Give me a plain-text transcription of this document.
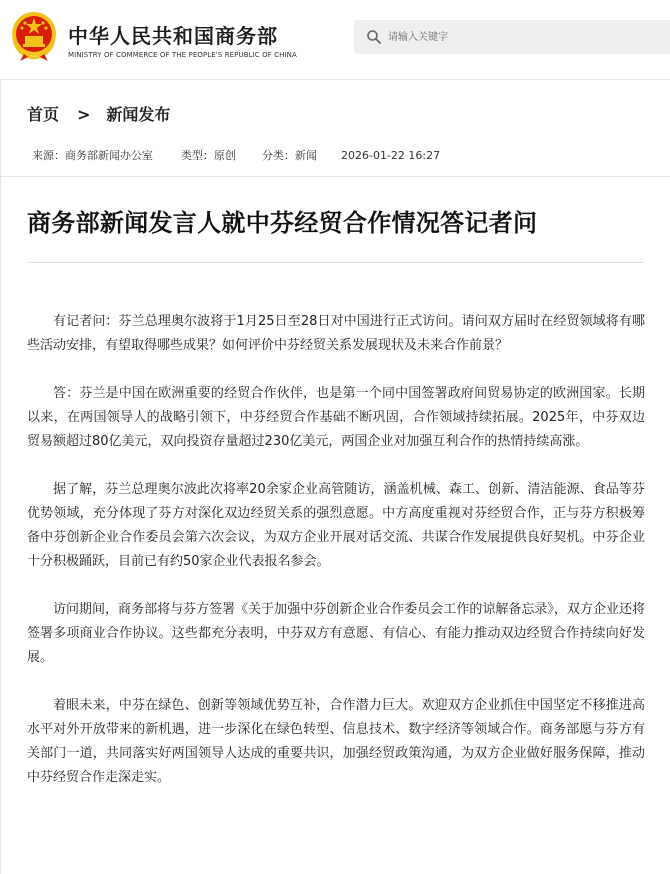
中华人民共和国商务部
MINISTRY OF COMMERCE OF THE PEOPLE'S REPUBLIC OF CHINA
请输入关键字
首页 > 新闻发布
来源：商务部新闻办公室	类型：原创 分类：新闻 2026-01-22 16:27
商务部新闻发言人就中芬经贸合作情况答记者问

有记者问：芬兰总理奥尔波将于1月25日至28日对中国进行正式访问。请问双方届时在经贸领域将有哪些活动安排，有望取得哪些成果？如何评价中芬经贸关系发展现状及未来合作前景？

答：芬兰是中国在欧洲重要的经贸合作伙伴，也是第一个同中国签署政府间贸易协定的欧洲国家。长期以来，在两国领导人的战略引领下，中芬经贸合作基础不断巩固，合作领域持续拓展。2025年，中芬双边贸易额超过80亿美元，双向投资存量超过230亿美元，两国企业对加强互利合作的热情持续高涨。

据了解，芬兰总理奥尔波此次将率20余家企业高管随访，涵盖机械、森工、创新、清洁能源、食品等芬优势领域，充分体现了芬方对深化双边经贸关系的强烈意愿。中方高度重视对芬经贸合作，正与芬方积极筹备中芬创新企业合作委员会第六次会议，为双方企业开展对话交流、共谋合作发展提供良好契机。中芬企业十分积极踊跃，目前已有约50家企业代表报名参会。

访问期间，商务部将与芬方签署《关于加强中芬创新企业合作委员会工作的谅解备忘录》，双方企业还将签署多项商业合作协议。这些都充分表明，中芬双方有意愿、有信心、有能力推动双边经贸合作持续向好发展。

着眼未来，中芬在绿色、创新等领域优势互补，合作潜力巨大。欢迎双方企业抓住中国坚定不移推进高水平对外开放带来的新机遇，进一步深化在绿色转型、信息技术、数字经济等领域合作。商务部愿与芬方有关部门一道，共同落实好两国领导人达成的重要共识，加强经贸政策沟通，为双方企业做好服务保障，推动中芬经贸合作走深走实。
